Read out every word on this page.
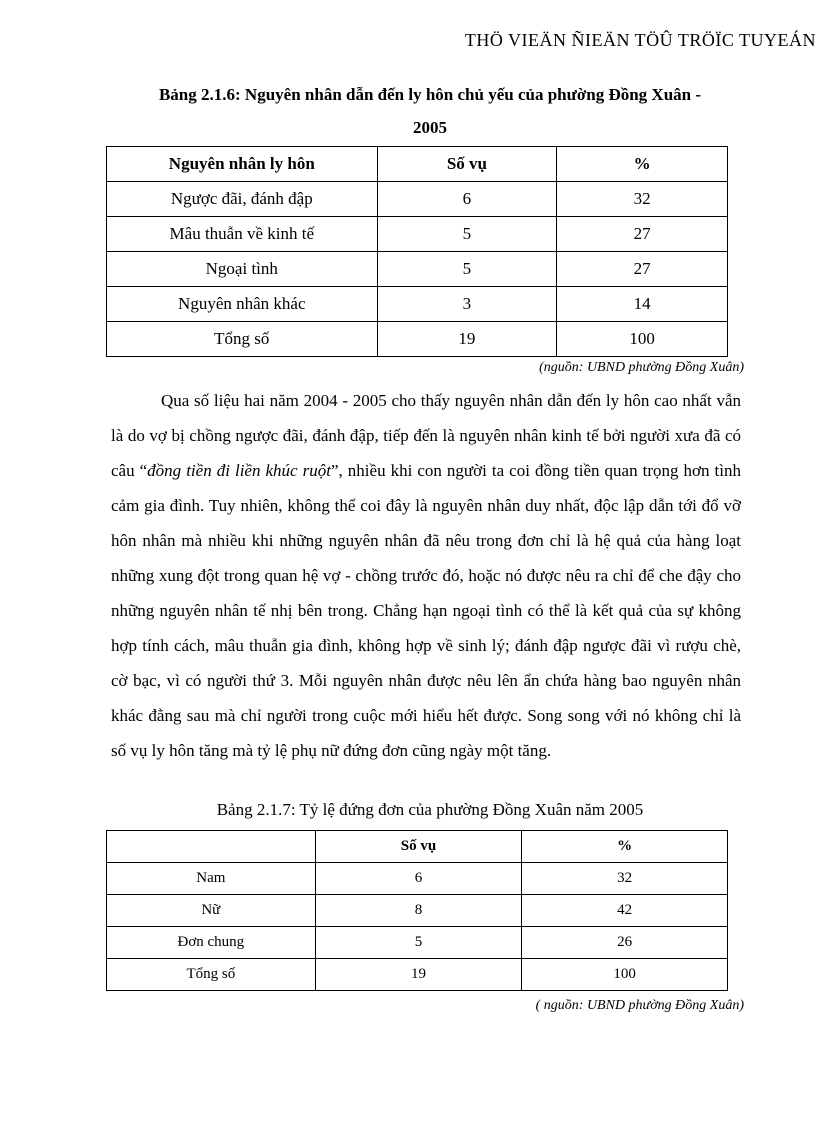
THÖ VIEÄN ÑIEÄN TÖÛ TRÖÏC TUYEÁN
Bảng 2.1.6: Nguyên nhân dẫn đến ly hôn chủ yếu của phường Đồng Xuân -
2005
Nguyên nhân ly hôn	Số vụ	%
Ngược đãi, đánh đập	6	32
Mâu thuẫn về kinh tế	5	27
Ngoại tình	5	27
Nguyên nhân khác	3	14
Tổng số	19	100
(nguồn: UBND phường Đồng Xuân)

Qua số liệu hai năm 2004 - 2005 cho thấy nguyên nhân dẫn đến ly hôn cao nhất vẫn là do vợ bị chồng ngược đãi, đánh đập, tiếp đến là nguyên nhân kinh tế bởi người xưa đã có câu “đồng tiền đi liền khúc ruột”, nhiều khi con người ta coi đồng tiền quan trọng hơn tình cảm gia đình. Tuy nhiên, không thể coi đây là nguyên nhân duy nhất, độc lập dẫn tới đổ vỡ hôn nhân mà nhiều khi những nguyên nhân đã nêu trong đơn chỉ là hệ quả của hàng loạt những xung đột trong quan hệ vợ - chồng trước đó, hoặc nó được nêu ra chỉ để che đậy cho những nguyên nhân tế nhị bên trong. Chẳng hạn ngoại tình có thể là kết quả của sự không hợp tính cách, mâu thuẫn gia đình, không hợp về sinh lý; đánh đập ngược đãi vì rượu chè, cờ bạc, vì có người thứ 3. Mỗi nguyên nhân được nêu lên ẩn chứa hàng bao nguyên nhân khác đằng sau mà chỉ người trong cuộc mới hiểu hết được. Song song với nó không chỉ là số vụ ly hôn tăng mà tỷ lệ phụ nữ đứng đơn cũng ngày một tăng.

Bảng 2.1.7: Tỷ lệ đứng đơn của phường Đồng Xuân năm 2005
	Số vụ	%
Nam	6	32
Nữ	8	42
Đơn chung	5	26
Tổng số	19	100
( nguồn: UBND phường Đồng Xuân)
